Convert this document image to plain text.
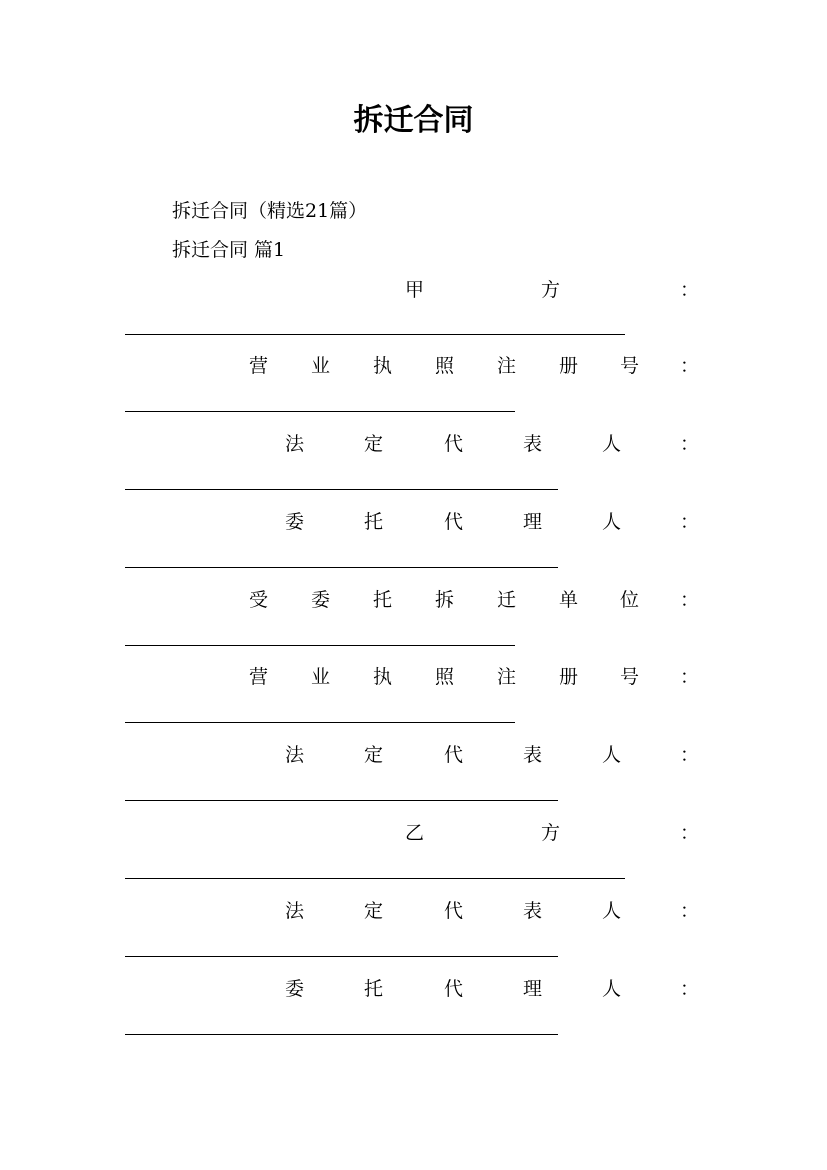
拆迁合同

拆迁合同（精选21篇）

拆迁合同 篇1

甲	方	：
营 业 执 照 注 册 号 ：
法	定	代	表	人	：
委	托	代	理	人	：
受 委 托 拆 迁 单 位 ：
营 业 执 照 注 册 号 ：
法	定	代	表	人	：
乙	方	：
法	定	代	表	人	：
委	托	代	理	人	：
